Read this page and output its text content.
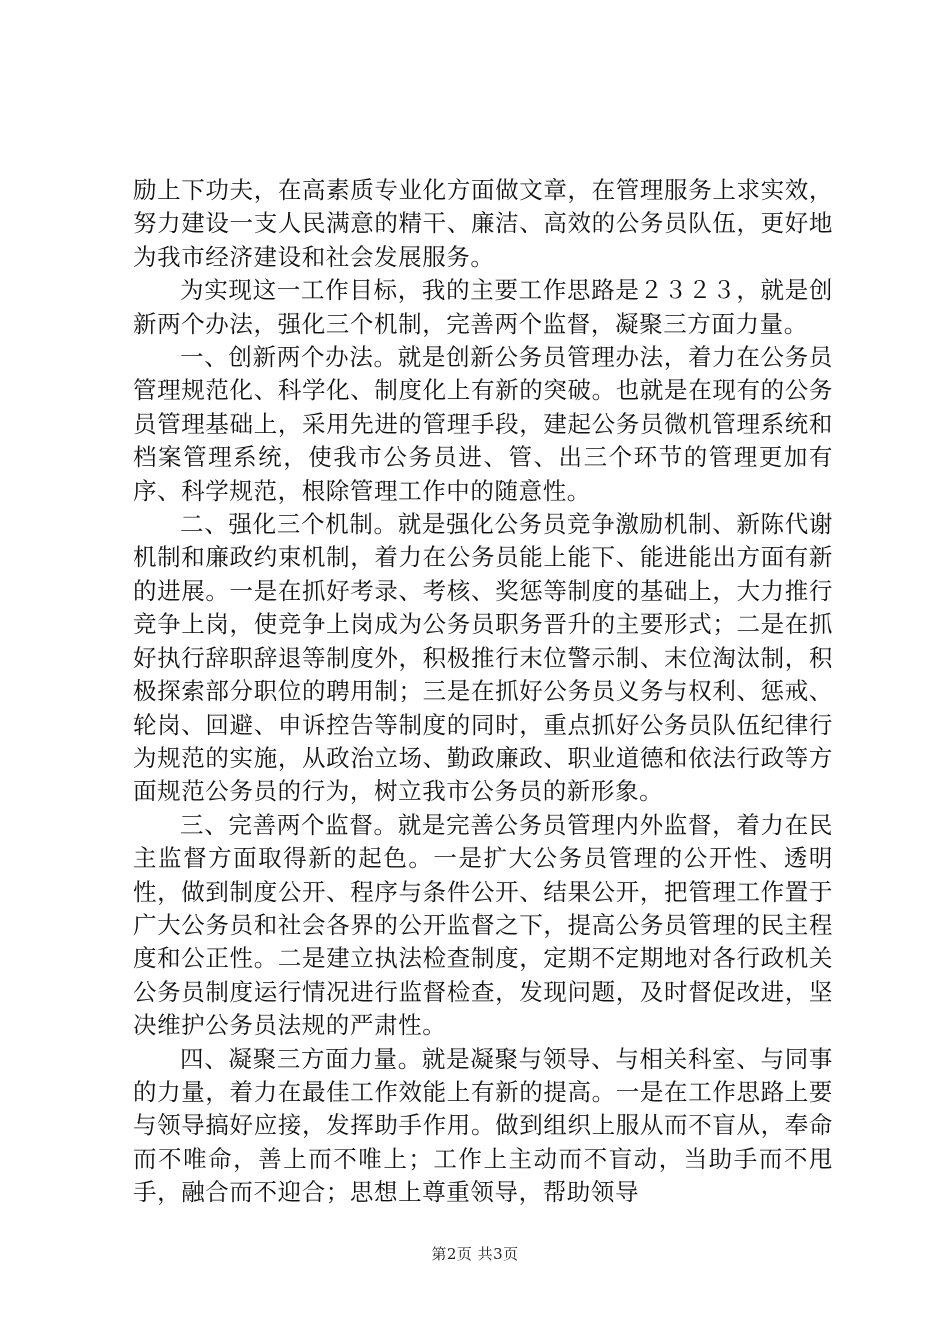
励上下功夫，在高素质专业化方面做文章，在管理服务上求实效，努力建设一支人民满意的精干、廉洁、高效的公务员队伍，更好地为我市经济建设和社会发展服务。

为实现这一工作目标，我的主要工作思路是２３２３，就是创新两个办法，强化三个机制，完善两个监督，凝聚三方面力量。

一、创新两个办法。就是创新公务员管理办法，着力在公务员管理规范化、科学化、制度化上有新的突破。也就是在现有的公务员管理基础上，采用先进的管理手段，建起公务员微机管理系统和档案管理系统，使我市公务员进、管、出三个环节的管理更加有序、科学规范，根除管理工作中的随意性。

二、强化三个机制。就是强化公务员竞争激励机制、新陈代谢机制和廉政约束机制，着力在公务员能上能下、能进能出方面有新的进展。一是在抓好考录、考核、奖惩等制度的基础上，大力推行竞争上岗，使竞争上岗成为公务员职务晋升的主要形式；二是在抓好执行辞职辞退等制度外，积极推行末位警示制、末位淘汰制，积极探索部分职位的聘用制；三是在抓好公务员义务与权利、惩戒、轮岗、回避、申诉控告等制度的同时，重点抓好公务员队伍纪律行为规范的实施，从政治立场、勤政廉政、职业道德和依法行政等方面规范公务员的行为，树立我市公务员的新形象。

三、完善两个监督。就是完善公务员管理内外监督，着力在民主监督方面取得新的起色。一是扩大公务员管理的公开性、透明性，做到制度公开、程序与条件公开、结果公开，把管理工作置于广大公务员和社会各界的公开监督之下，提高公务员管理的民主程度和公正性。二是建立执法检查制度，定期不定期地对各行政机关公务员制度运行情况进行监督检查，发现问题，及时督促改进，坚决维护公务员法规的严肃性。

四、凝聚三方面力量。就是凝聚与领导、与相关科室、与同事的力量，着力在最佳工作效能上有新的提高。一是在工作思路上要与领导搞好应接，发挥助手作用。做到组织上服从而不盲从，奉命而不唯命，善上而不唯上；工作上主动而不盲动，当助手而不甩手，融合而不迎合；思想上尊重领导，帮助领导

第2页 共3页
